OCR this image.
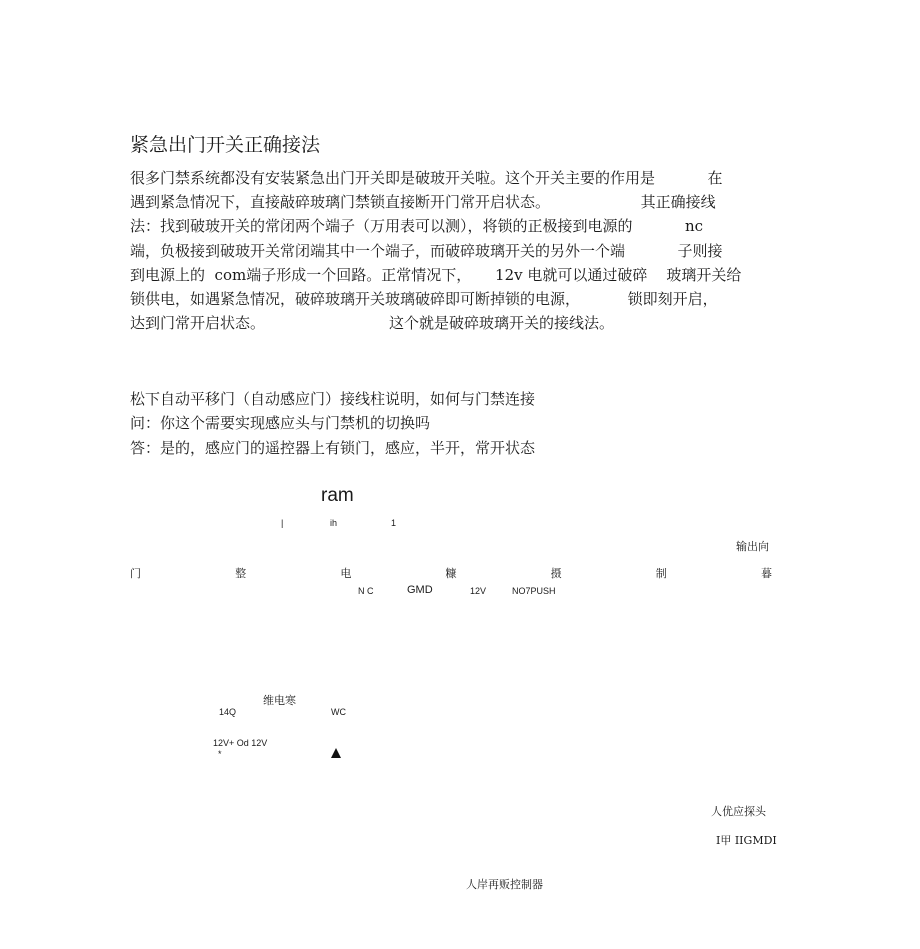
紧急出门开关正确接法
很多门禁系统都没有安装紧急出门开关即是破玻开关啦。这个开关主要的作用是           在
遇到紧急情况下，直接敲碎玻璃门禁锁直接断开门常开启状态。                   其正确接线
法：找到破玻开关的常闭两个端子（万用表可以测），将锁的正极接到电源的           nc
端，负极接到破玻开关常闭端其中一个端子，而破碎玻璃开关的另外一个端           子则接
到电源上的  com端子形成一个回路。正常情况下，     12v 电就可以通过破碎    玻璃开关给
锁供电，如遇紧急情况，破碎玻璃开关玻璃破碎即可断掉锁的电源，          锁即刻开启，
达到门常开启状态。                          这个就是破碎玻璃开关的接线法。
松下自动平移门（自动感应门）接线柱说明，如何与门禁连接
问：你这个需要实现感应头与门禁机的切换吗
答：是的，感应门的遥控器上有锁门，感应，半开，常开状态
ram
|	ih	1
输出向
门	整	电	糠	摄	制	暮
N C	GMD	12V	NO7PUSH
维电寒
14Q	WC
12V+ Od 12V
*
人优应探头
I甲 IIGMDI
人岸再贩控制器
